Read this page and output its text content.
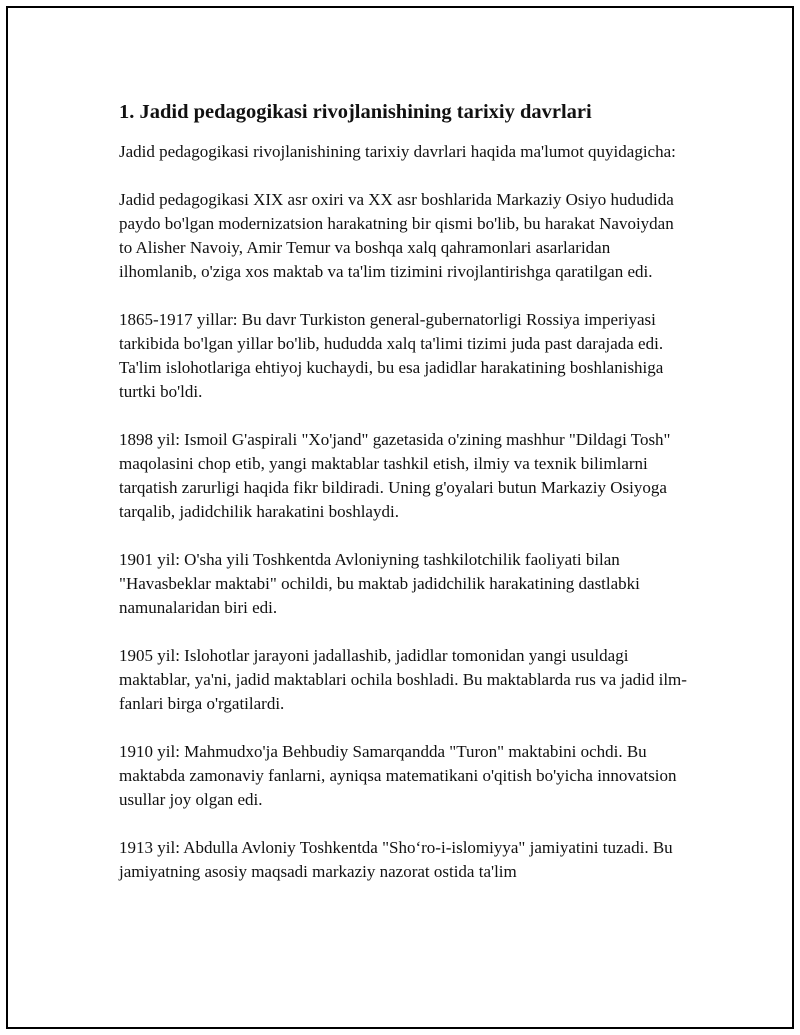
1. Jadid pedagogikasi rivojlanishining tarixiy davrlari

Jadid pedagogikasi rivojlanishining tarixiy davrlari haqida ma'lumot quyidagicha:

Jadid pedagogikasi XIX asr oxiri va XX asr boshlarida Markaziy Osiyo hududida paydo bo'lgan modernizatsion harakatning bir qismi bo'lib, bu harakat Navoiydan to Alisher Navoiy, Amir Temur va boshqa xalq qahramonlari asarlaridan ilhomlanib, o'ziga xos maktab va ta'lim tizimini rivojlantirishga qaratilgan edi.

1865-1917 yillar: Bu davr Turkiston general-gubernatorligi Rossiya imperiyasi tarkibida bo'lgan yillar bo'lib, hududda xalq ta'limi tizimi juda past darajada edi. Ta'lim islohotlariga ehtiyoj kuchaydi, bu esa jadidlar harakatining boshlanishiga turtki bo'ldi.

1898 yil: Ismoil G'aspirali "Xo'jand" gazetasida o'zining mashhur "Dildagi Tosh" maqolasini chop etib, yangi maktablar tashkil etish, ilmiy va texnik bilimlarni tarqatish zarurligi haqida fikr bildiradi. Uning g'oyalari butun Markaziy Osiyoga tarqalib, jadidchilik harakatini boshlaydi.

1901 yil: O'sha yili Toshkentda Avloniyning tashkilotchilik faoliyati bilan "Havasbeklar maktabi" ochildi, bu maktab jadidchilik harakatining dastlabki namunalaridan biri edi.

1905 yil: Islohotlar jarayoni jadallashib, jadidlar tomonidan yangi usuldagi maktablar, ya'ni, jadid maktablari ochila boshladi. Bu maktablarda rus va jadid ilm-fanlari birga o'rgatilardi.

1910 yil: Mahmudxo'ja Behbudiy Samarqandda "Turon" maktabini ochdi. Bu maktabda zamonaviy fanlarni, ayniqsa matematikani o'qitish bo'yicha innovatsion usullar joy olgan edi.

1913 yil: Abdulla Avloniy Toshkentda "Sho‘ro-i-islomiyya" jamiyatini tuzadi. Bu jamiyatning asosiy maqsadi markaziy nazorat ostida ta'lim
